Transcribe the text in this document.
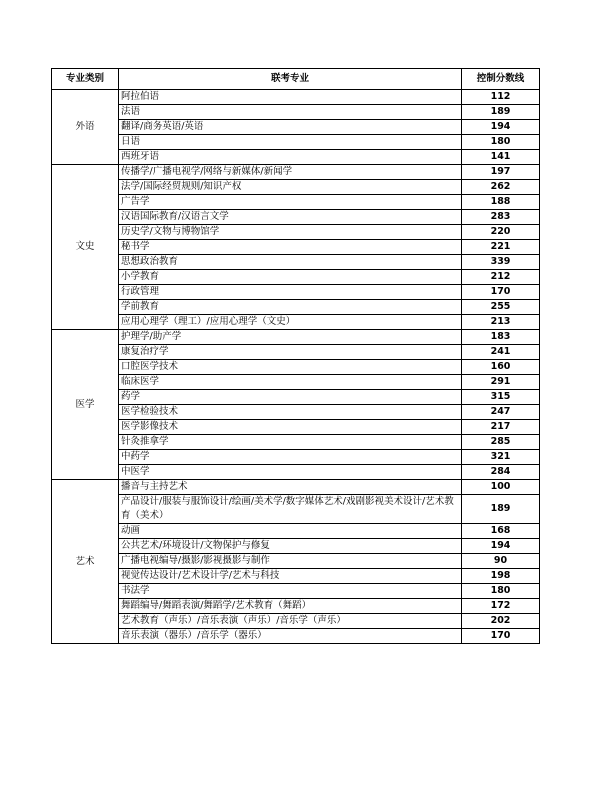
专业类别	联考专业	控制分数线
外语	阿拉伯语	112
	法语	189
	翻译/商务英语/英语	194
	日语	180
	西班牙语	141
文史	传播学/广播电视学/网络与新媒体/新闻学	197
	法学/国际经贸规则/知识产权	262
	广告学	188
	汉语国际教育/汉语言文学	283
	历史学/文物与博物馆学	220
	秘书学	221
	思想政治教育	339
	小学教育	212
	行政管理	170
	学前教育	255
	应用心理学（理工）/应用心理学（文史）	213
医学	护理学/助产学	183
	康复治疗学	241
	口腔医学技术	160
	临床医学	291
	药学	315
	医学检验技术	247
	医学影像技术	217
	针灸推拿学	285
	中药学	321
	中医学	284
艺术	播音与主持艺术	100
	产品设计/服装与服饰设计/绘画/美术学/数字媒体艺术/戏剧影视美术设计/艺术教育（美术）	189
	动画	168
	公共艺术/环境设计/文物保护与修复	194
	广播电视编导/摄影/影视摄影与制作	90
	视觉传达设计/艺术设计学/艺术与科技	198
	书法学	180
	舞蹈编导/舞蹈表演/舞蹈学/艺术教育（舞蹈）	172
	艺术教育（声乐）/音乐表演（声乐）/音乐学（声乐）	202
	音乐表演（器乐）/音乐学（器乐）	170
